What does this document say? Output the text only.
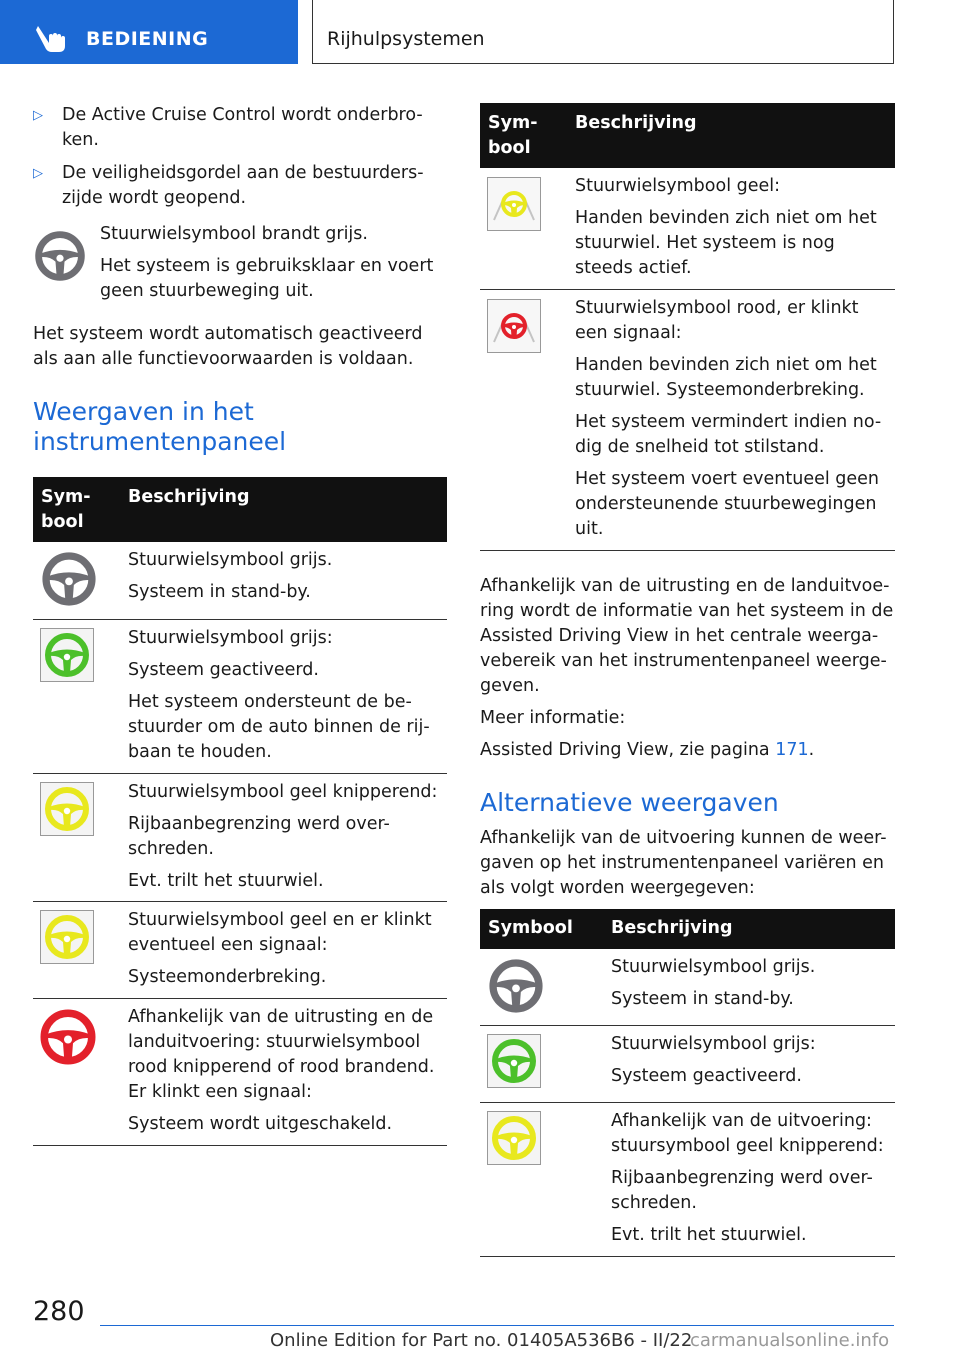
BEDIENING	Rijhulpsystemen
▷ De Active Cruise Control wordt onderbro-
ken.

▷ De veiligheidsgordel aan de bestuurders-
zijde wordt geopend.

Stuurwielsymbool brandt grijs.

Het systeem is gebruiksklaar en voert
geen stuurbeweging uit.

Het systeem wordt automatisch geactiveerd
als aan alle functievoorwaarden is voldaan.

Weergaven in het
instrumentenpaneel
Sym-
bool
Beschrijving

Stuurwielsymbool grijs.

Systeem in stand-by.

Stuurwielsymbool grijs:

Systeem geactiveerd.

Het systeem ondersteunt de be-
stuurder om de auto binnen de rij-
baan te houden.

Stuurwielsymbool geel knipperend:

Rijbaanbegrenzing werd over-
schreden.

Evt. trilt het stuurwiel.

Stuurwielsymbool geel en er klinkt
eventueel een signaal:

Systeemonderbreking.

Afhankelijk van de uitrusting en de
landuitvoering: stuurwielsymbool
rood knipperend of rood brandend.
Er klinkt een signaal:

Systeem wordt uitgeschakeld.

Sym-
bool
Beschrijving

Stuurwielsymbool geel:

Handen bevinden zich niet om het
stuurwiel. Het systeem is nog
steeds actief.

Stuurwielsymbool rood, er klinkt
een signaal:

Handen bevinden zich niet om het
stuurwiel. Systeemonderbreking.

Het systeem vermindert indien no-
dig de snelheid tot stilstand.

Het systeem voert eventueel geen
ondersteunende stuurbewegingen
uit.

Afhankelijk van de uitrusting en de landuitvoe-
ring wordt de informatie van het systeem in de
Assisted Driving View in het centrale weerga-
vebereik van het instrumentenpaneel weerge-
geven.

Meer informatie:

Assisted Driving View, zie pagina 171.

Alternatieve weergaven

Afhankelijk van de uitvoering kunnen de weer-
gaven op het instrumentenpaneel variëren en
als volgt worden weergegeven:

Symbool Beschrijving

Stuurwielsymbool grijs.

Systeem in stand-by.

Stuurwielsymbool grijs:

Systeem geactiveerd.

Afhankelijk van de uitvoering:
stuursymbool geel knipperend:

Rijbaanbegrenzing werd over-
schreden.

Evt. trilt het stuurwiel.

280
Online Edition for Part no. 01405A536B6 - II/22
carmanualsonline.info
